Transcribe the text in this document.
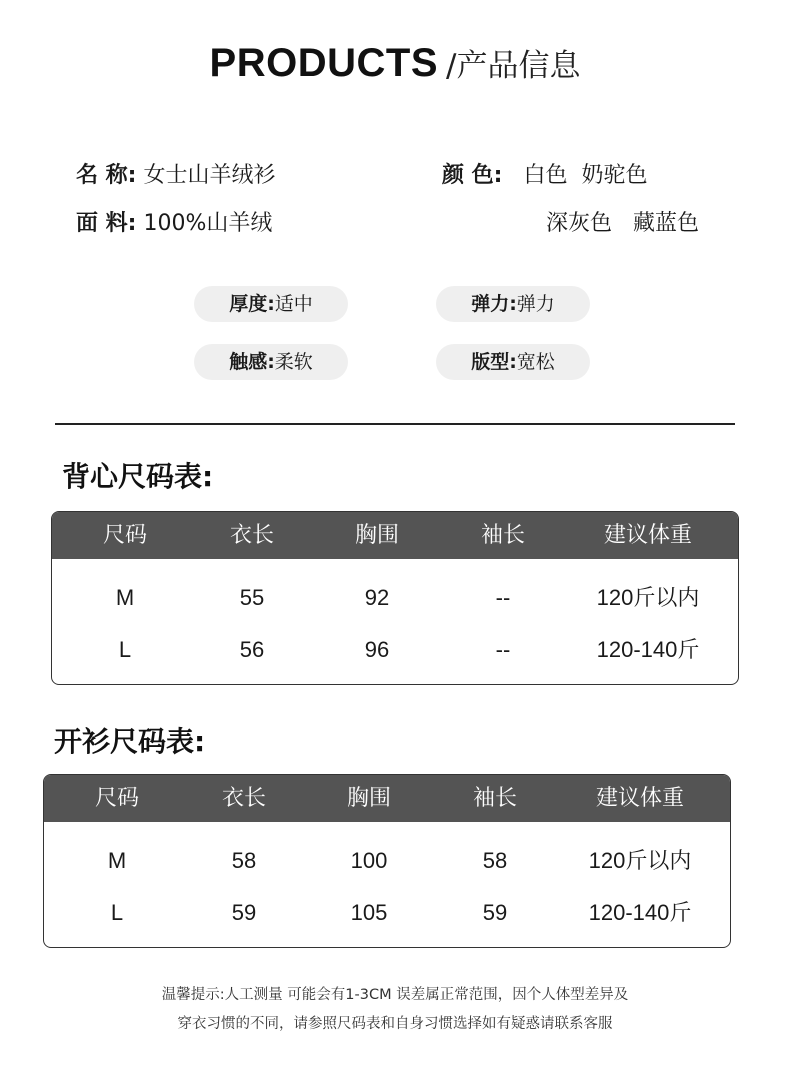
PRODUCTS /产品信息
名 称: 女士山羊绒衫
面 料: 100%山羊绒
颜 色: 白色  奶驼色
深灰色   藏蓝色
厚度:适中	弹力:弹力
触感:柔软	版型:宽松
背心尺码表:
尺码	衣长	胸围	袖长	建议体重
M	55	92	--	120斤以内
L	56	96	--	120-140斤
开衫尺码表:
尺码	衣长	胸围	袖长	建议体重
M	58	100	58	120斤以内
L	59	105	59	120-140斤
温馨提示:人工测量 可能会有1-3CM 误差属正常范围，因个人体型差异及
穿衣习惯的不同，请参照尺码表和自身习惯选择如有疑惑请联系客服
